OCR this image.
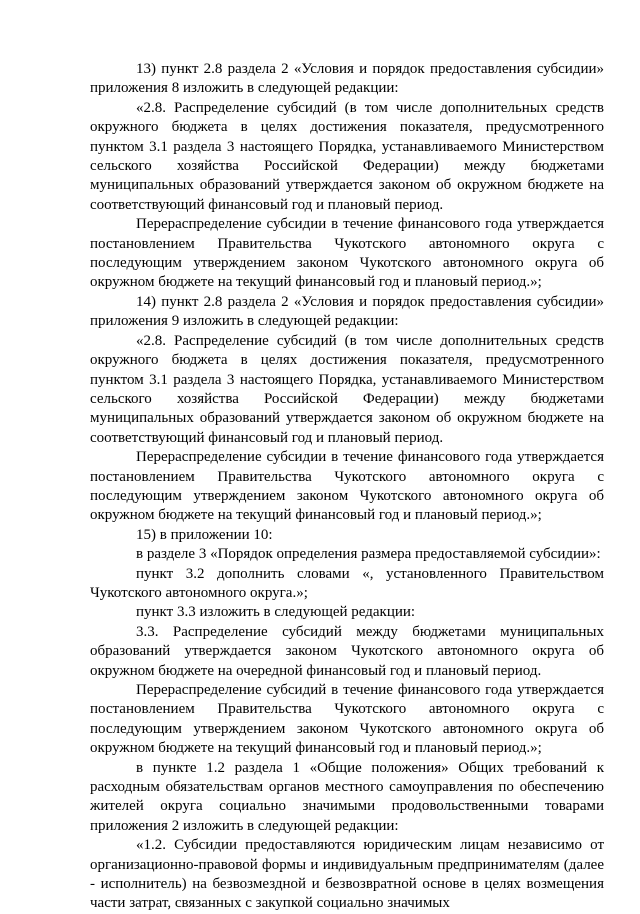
13) пункт 2.8 раздела 2 «Условия и порядок предоставления субсидии» приложения 8 изложить в следующей редакции:

«2.8. Распределение субсидий (в том числе дополнительных средств окружного бюджета в целях достижения показателя, предусмотренного пунктом 3.1 раздела 3 настоящего Порядка, устанавливаемого Министерством сельского хозяйства Российской Федерации) между бюджетами муниципальных образований утверждается законом об окружном бюджете на соответствующий финансовый год и плановый период.

Перераспределение субсидии в течение финансового года утверждается постановлением Правительства Чукотского автономного округа с последующим утверждением законом Чукотского автономного округа об окружном бюджете на текущий финансовый год и плановый период.»;

14) пункт 2.8 раздела 2 «Условия и порядок предоставления субсидии» приложения 9 изложить в следующей редакции:

«2.8. Распределение субсидий (в том числе дополнительных средств окружного бюджета в целях достижения показателя, предусмотренного пунктом 3.1 раздела 3 настоящего Порядка, устанавливаемого Министерством сельского хозяйства Российской Федерации) между бюджетами муниципальных образований утверждается законом об окружном бюджете на соответствующий финансовый год и плановый период.

Перераспределение субсидии в течение финансового года утверждается постановлением Правительства Чукотского автономного округа с последующим утверждением законом Чукотского автономного округа об окружном бюджете на текущий финансовый год и плановый период.»;

15) в приложении 10:

в разделе 3 «Порядок определения размера предоставляемой субсидии»:

пункт 3.2 дополнить словами «, установленного Правительством Чукотского автономного округа.»;

пункт 3.3 изложить в следующей редакции:

3.3. Распределение субсидий между бюджетами муниципальных образований утверждается законом Чукотского автономного округа об окружном бюджете на очередной финансовый год и плановый период.

Перераспределение субсидий в течение финансового года утверждается постановлением Правительства Чукотского автономного округа с последующим утверждением законом Чукотского автономного округа об окружном бюджете на текущий финансовый год и плановый период.»;

в пункте 1.2 раздела 1 «Общие положения» Общих требований к расходным обязательствам органов местного самоуправления по обеспечению жителей округа социально значимыми продовольственными товарами приложения 2 изложить в следующей редакции:

«1.2. Субсидии предоставляются юридическим лицам независимо от организационно-правовой формы и индивидуальным предпринимателям (далее - исполнитель) на безвозмездной и безвозвратной основе в целях возмещения части затрат, связанных с закупкой социально значимых
